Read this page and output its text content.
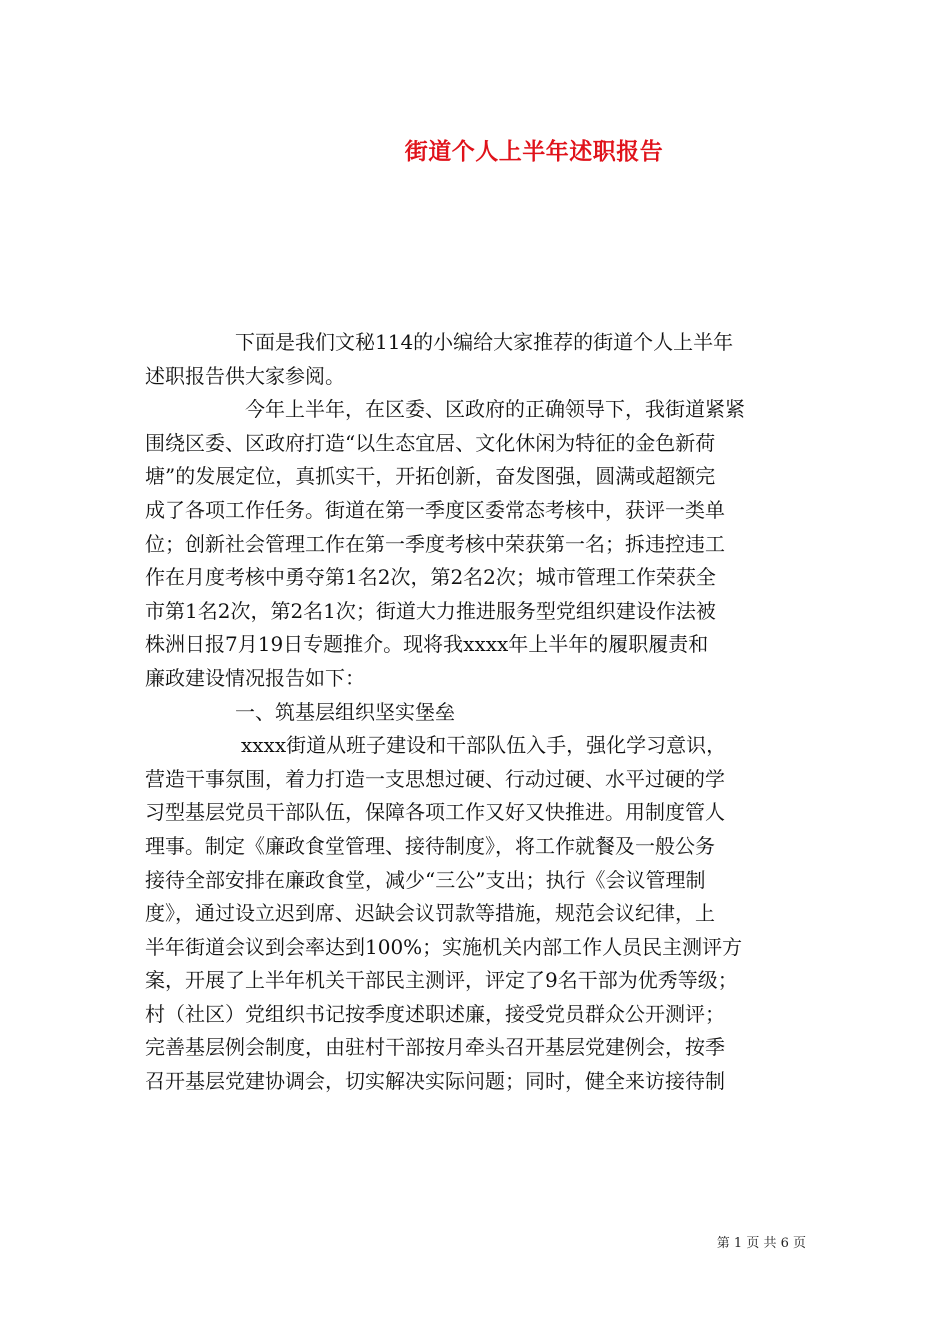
街道个人上半年述职报告

下面是我们文秘114的小编给大家推荐的街道个人上半年

述职报告供大家参阅。

今年上半年，在区委、区政府的正确领导下，我街道紧紧

围绕区委、区政府打造“以生态宜居、文化休闲为特征的金色新荷

塘”的发展定位，真抓实干，开拓创新，奋发图强，圆满或超额完

成了各项工作任务。街道在第一季度区委常态考核中，获评一类单

位；创新社会管理工作在第一季度考核中荣获第一名；拆违控违工

作在月度考核中勇夺第1名2次，第2名2次；城市管理工作荣获全

市第1名2次，第2名1次；街道大力推进服务型党组织建设作法被

株洲日报7月19日专题推介。现将我xxxx年上半年的履职履责和

廉政建设情况报告如下：

一、筑基层组织坚实堡垒

xxxx街道从班子建设和干部队伍入手，强化学习意识，

营造干事氛围，着力打造一支思想过硬、行动过硬、水平过硬的学

习型基层党员干部队伍，保障各项工作又好又快推进。用制度管人

理事。制定《廉政食堂管理、接待制度》，将工作就餐及一般公务

接待全部安排在廉政食堂，减少“三公”支出；执行《会议管理制

度》，通过设立迟到席、迟缺会议罚款等措施，规范会议纪律，上

半年街道会议到会率达到100%；实施机关内部工作人员民主测评方

案，开展了上半年机关干部民主测评，评定了9名干部为优秀等级；

村（社区）党组织书记按季度述职述廉，接受党员群众公开测评；

完善基层例会制度，由驻村干部按月牵头召开基层党建例会，按季

召开基层党建协调会，切实解决实际问题；同时，健全来访接待制

第 1 页 共 6 页
